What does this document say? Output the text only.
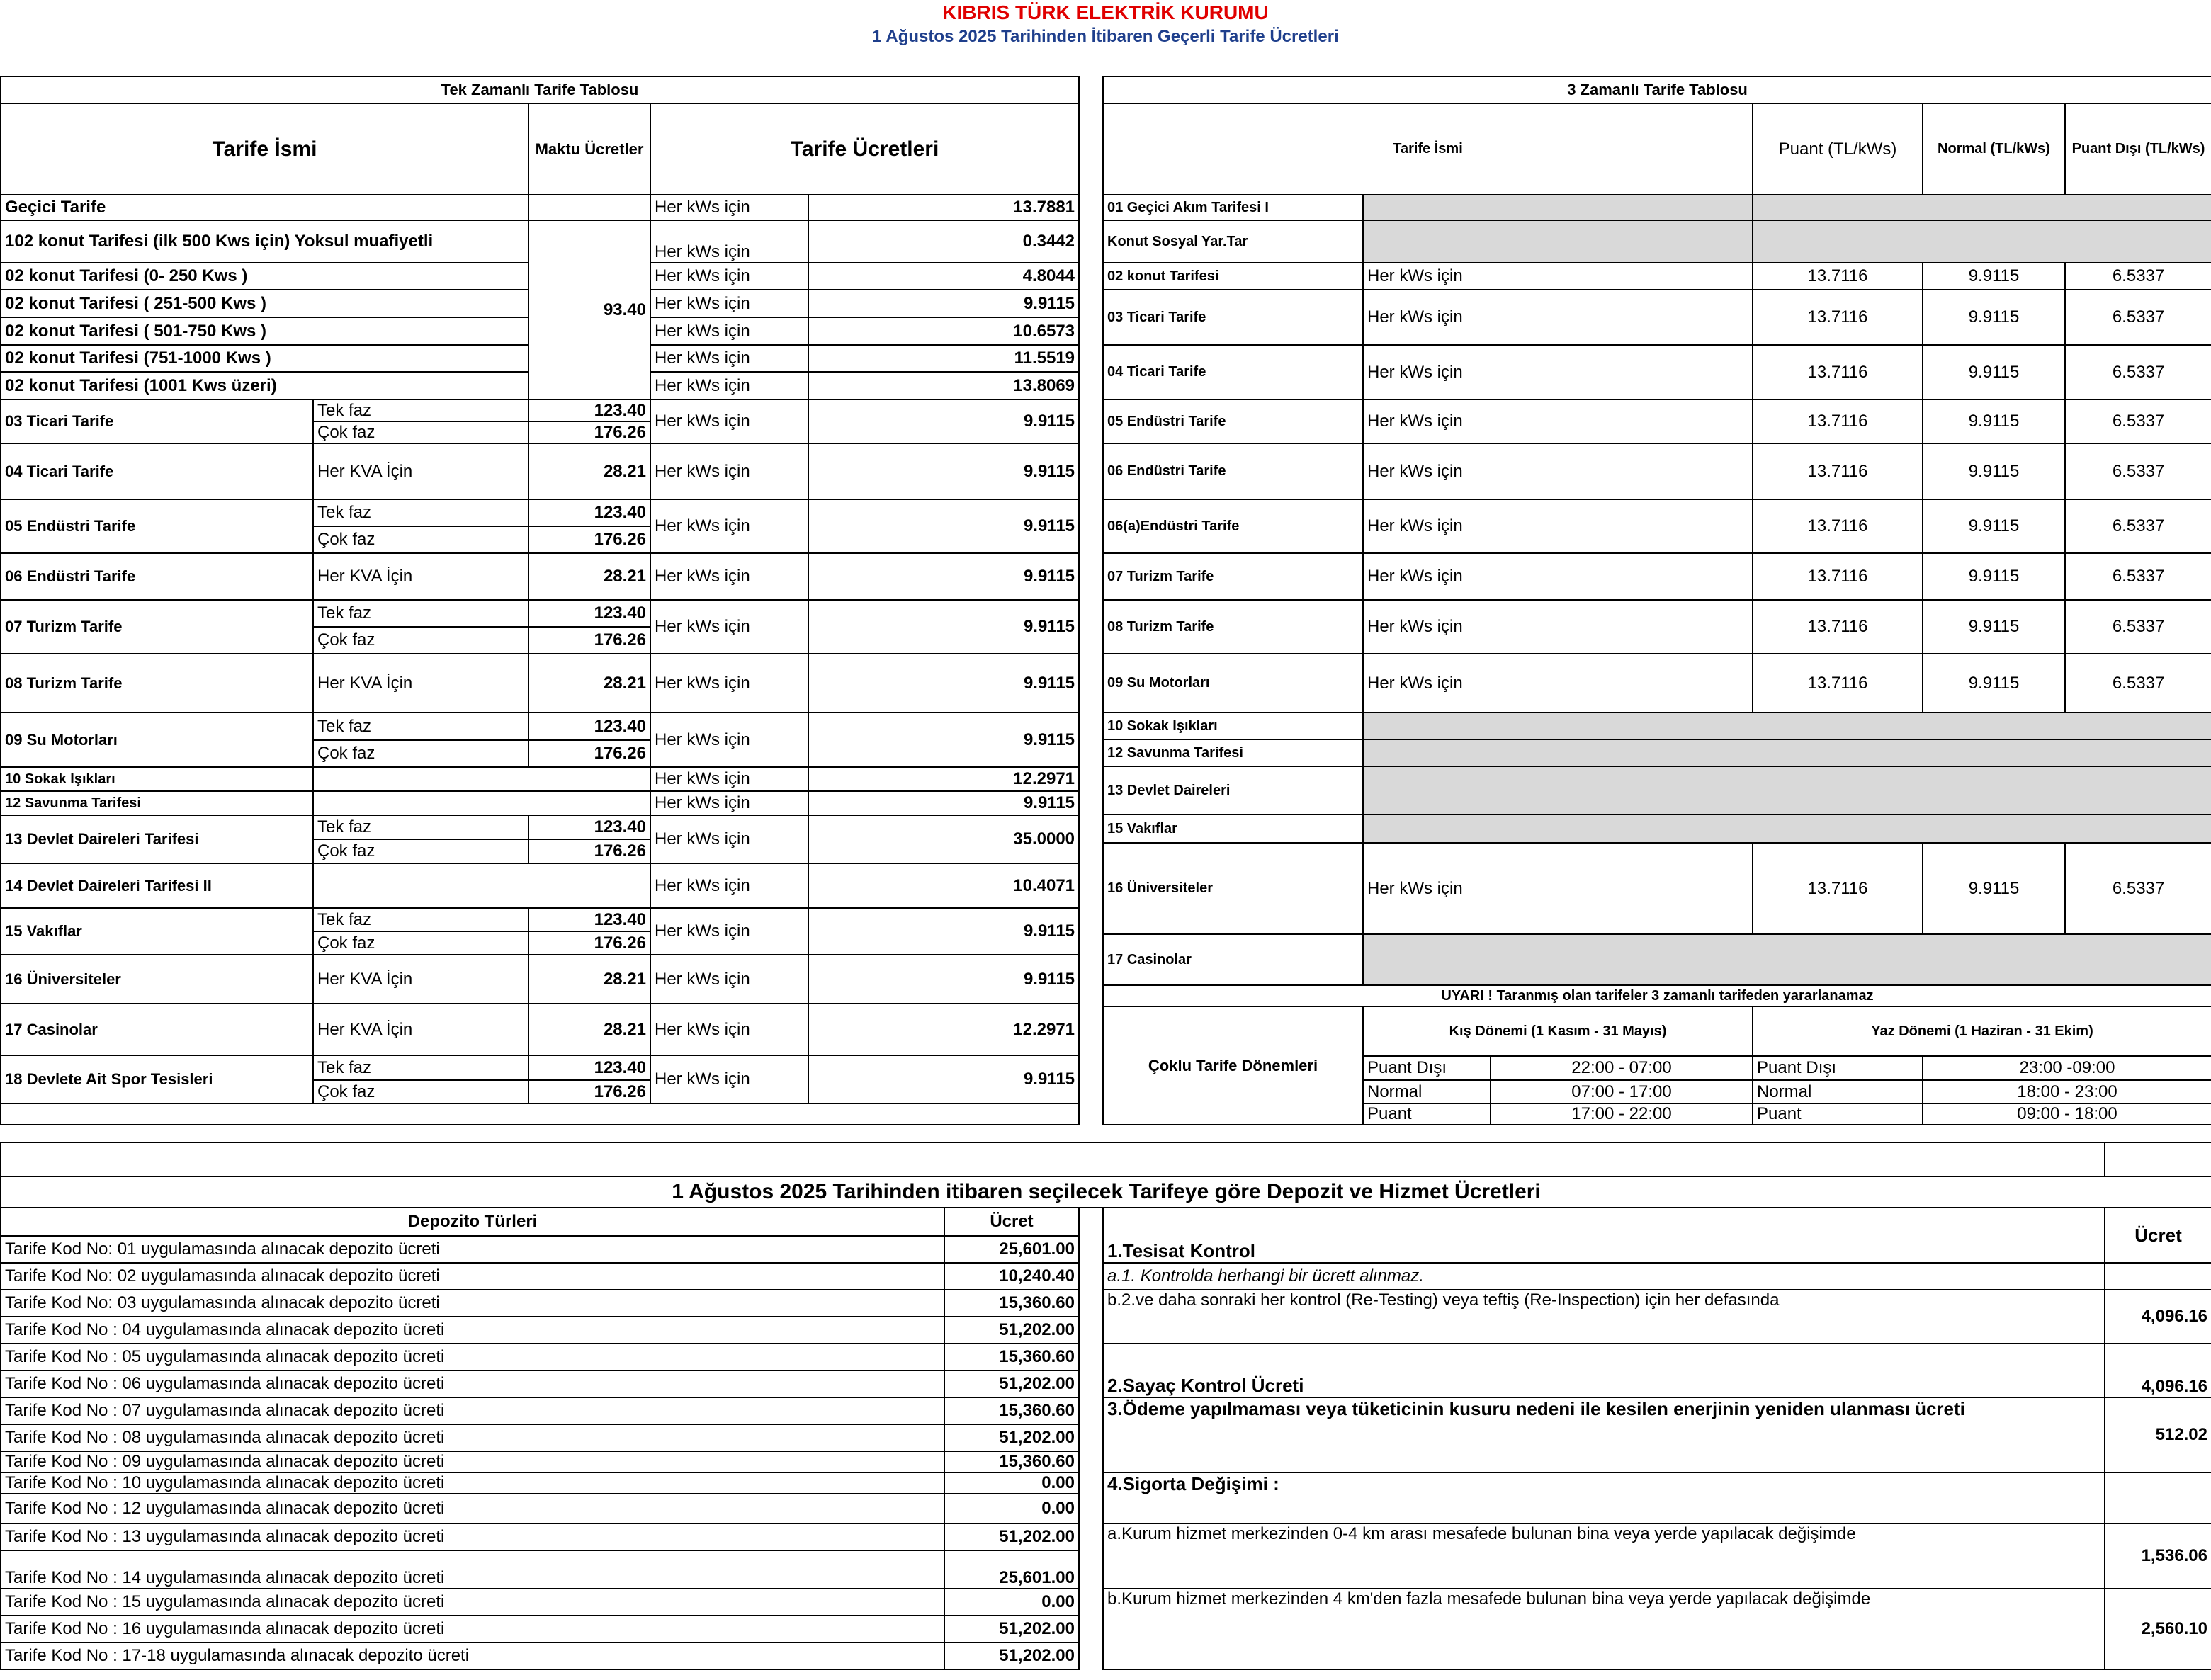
KIBRIS TÜRK ELEKTRİK KURUMU
1 Ağustos 2025 Tarihinden İtibaren Geçerli Tarife Ücretleri
Tek Zamanlı Tarife Tablosu				
Tarife İsmi		Maktu Ücretler	Tarife Ücretleri	
Geçici Tarife			Her kWs için	13.7881
102 konut Tarifesi (ilk 500 Kws için) Yoksul muafiyetli		93.40	Her kWs için	0.3442
02 konut Tarifesi (0- 250 Kws )			Her kWs için	4.8044
02 konut Tarifesi ( 251-500 Kws )			Her kWs için	9.9115
02 konut Tarifesi ( 501-750 Kws )			Her kWs için	10.6573
02 konut Tarifesi (751-1000 Kws )			Her kWs için	11.5519
02 konut Tarifesi (1001 Kws üzeri)			Her kWs için	13.8069
03 Ticari Tarife	Tek faz	123.40	Her kWs için	9.9115
	Çok faz	176.26		
04 Ticari Tarife	Her KVA İçin	28.21	Her kWs için	9.9115
05 Endüstri Tarife	Tek faz	123.40	Her kWs için	9.9115
	Çok faz	176.26		
06 Endüstri Tarife	Her KVA İçin	28.21	Her kWs için	9.9115
07 Turizm Tarife	Tek faz	123.40	Her kWs için	9.9115
	Çok faz	176.26		
08 Turizm Tarife	Her KVA İçin	28.21	Her kWs için	9.9115
09 Su Motorları	Tek faz	123.40	Her kWs için	9.9115
	Çok faz	176.26		
10 Sokak Işıkları			Her kWs için	12.2971
12 Savunma Tarifesi			Her kWs için	9.9115
13 Devlet Daireleri Tarifesi	Tek faz	123.40	Her kWs için	35.0000
	Çok faz	176.26		
14 Devlet Daireleri Tarifesi II			Her kWs için	10.4071
15 Vakıflar	Tek faz	123.40	Her kWs için	9.9115
	Çok faz	176.26		
16 Üniversiteler	Her KVA İçin	28.21	Her kWs için	9.9115
17 Casinolar	Her KVA İçin	28.21	Her kWs için	12.2971
18 Devlete Ait Spor Tesisleri	Tek faz	123.40	Her kWs için	9.9115
	Çok faz	176.26		

3 Zamanlı Tarife Tablosu					
Tarife İsmi			Puant (TL/kWs)	Normal (TL/kWs)	Puant Dışı (TL/kWs)
01 Geçici Akım Tarifesi I					
Konut Sosyal Yar.Tar					
02 konut Tarifesi	Her kWs için		13.7116	9.9115	6.5337
03 Ticari Tarife	Her kWs için		13.7116	9.9115	6.5337
04 Ticari Tarife	Her kWs için		13.7116	9.9115	6.5337
05 Endüstri Tarife	Her kWs için		13.7116	9.9115	6.5337
06 Endüstri Tarife	Her kWs için		13.7116	9.9115	6.5337
06(a)Endüstri Tarife	Her kWs için		13.7116	9.9115	6.5337
07 Turizm Tarife	Her kWs için		13.7116	9.9115	6.5337
08 Turizm Tarife	Her kWs için		13.7116	9.9115	6.5337
09 Su Motorları	Her kWs için		13.7116	9.9115	6.5337
10 Sokak Işıkları					
12 Savunma Tarifesi					
13 Devlet Daireleri					
15 Vakıflar					
16 Üniversiteler	Her kWs için		13.7116	9.9115	6.5337
17 Casinolar					
UYARI ! Taranmış olan tarifeler 3 zamanlı tarifeden yararlanamaz					
Çoklu Tarife Dönemleri	Kış Dönemi (1 Kasım - 31 Mayıs)		Yaz Dönemi (1 Haziran - 31 Ekim)		
	Puant Dışı	22:00 - 07:00	Puant Dışı	23:00 -09:00	
	Normal	07:00 - 17:00	Normal	18:00 - 23:00	
	Puant	17:00 - 22:00	Puant	09:00 - 18:00	

1 Ağustos 2025 Tarihinden itibaren seçilecek Tarifeye göre Depozit ve Hizmet Ücretleri				
Depozito Türleri	Ücret		1.Tesisat Kontrol	Ücret
Tarife Kod No: 01 uygulamasında alınacak depozito ücreti	25,601.00			
Tarife Kod No: 02 uygulamasında alınacak depozito ücreti	10,240.40		a.1. Kontrolda herhangi bir ücrett alınmaz.	
Tarife Kod No: 03 uygulamasında alınacak depozito ücreti	15,360.60		b.2.ve daha sonraki her kontrol (Re-Testing) veya teftiş (Re-Inspection) için her defasında	4,096.16
Tarife Kod No : 04 uygulamasında alınacak depozito ücreti	51,202.00			
Tarife Kod No : 05 uygulamasında alınacak depozito ücreti	15,360.60		2.Sayaç Kontrol Ücreti	4,096.16
Tarife Kod No : 06 uygulamasında alınacak depozito ücreti	51,202.00			
Tarife Kod No : 07 uygulamasında alınacak depozito ücreti	15,360.60		3.Ödeme yapılmaması veya tüketicinin kusuru nedeni ile kesilen enerjinin yeniden ulanması ücreti	512.02
Tarife Kod No : 08 uygulamasında alınacak depozito ücreti	51,202.00			
Tarife Kod No : 09 uygulamasında alınacak depozito ücreti	15,360.60			
Tarife Kod No : 10 uygulamasında alınacak depozito ücreti	0.00		4.Sigorta Değişimi :	
Tarife Kod No : 12 uygulamasında alınacak depozito ücreti	0.00			
Tarife Kod No : 13 uygulamasında alınacak depozito ücreti	51,202.00		a.Kurum hizmet merkezinden 0-4 km arası mesafede bulunan bina veya yerde yapılacak değişimde	1,536.06
Tarife Kod No : 14 uygulamasında alınacak depozito ücreti	25,601.00			
Tarife Kod No : 15 uygulamasında alınacak depozito ücreti	0.00		b.Kurum hizmet merkezinden 4 km'den fazla mesafede bulunan bina veya yerde yapılacak değişimde	2,560.10
Tarife Kod No : 16 uygulamasında alınacak depozito ücreti	51,202.00			
Tarife Kod No : 17-18 uygulamasında alınacak depozito ücreti	51,202.00			
